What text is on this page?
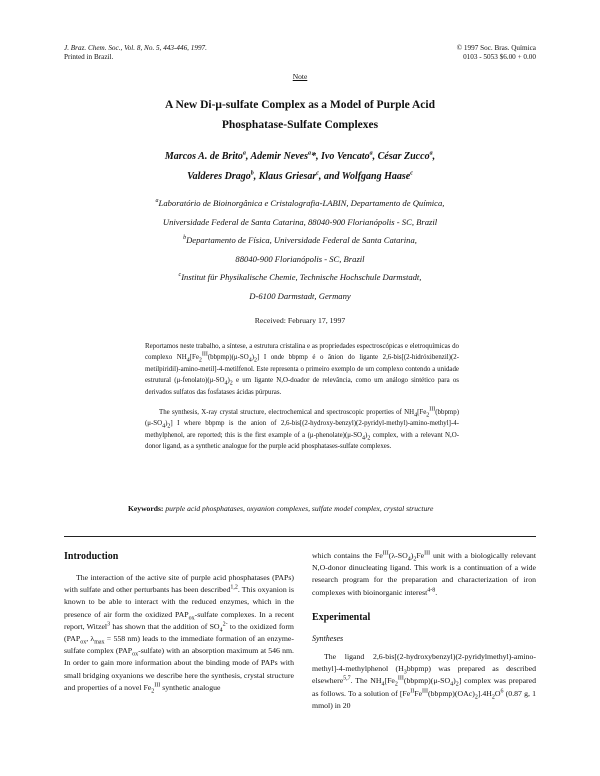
J. Braz. Chem. Soc., Vol. 8, No. 5, 443-446, 1997.
Printed in Brazil.
© 1997 Soc. Bras. Química
0103 - 5053 $6.00 + 0.00
Note
A New Di-μ-sulfate Complex as a Model of Purple Acid
Phosphatase-Sulfate Complexes
Marcos A. de Brito$^a$, Ademir Neves$^a$*, Ivo Vencato$^a$, César Zucco$^a$,
Valderes Drago$^b$, Klaus Griesar$^c$, and Wolfgang Haase$^c$
$^a$Laboratório de Bioinorgânica e Cristalografia-LABIN, Departamento de Química,
Universidade Federal de Santa Catarina, 88040-900 Florianópolis - SC, Brazil
$^b$Departamento de Física, Universidade Federal de Santa Catarina,
88040-900 Florianópolis - SC, Brazil
$^c$Institut für Physikalische Chemie, Technische Hochschule Darmstadt,
D-6100 Darmstadt, Germany
Received: February 17, 1997
Reportamos neste trabalho, a síntese, a estrutura cristalina e as propriedades espectroscópicas e eletroquímicas do complexo $NH_4[Fe_2^{III}(bbpmp)(\mu-SO_4)_2]$ I onde bbpmp é o ânion do ligante 2,6-bis[(2-hidróxibenzil)(2-metilpiridil)-amino-metil]-4-metilfenol. Este representa o primeiro exemplo de um complexo contendo a unidade estrutural $(\mu-fenolato)(\mu-SO_4)_2$ e um ligante N,O-doador de relevância, como um análogo sintético para os derivados sulfatos das fosfatases ácidas púrpuras.
The synthesis, X-ray crystal structure, electrochemical and spectroscopic properties of $NH_4[Fe_2^{III}(bbpmp)(\mu-SO_4)_2]$ I where bbpmp is the anion of 2,6-bis[(2-hydroxy-benzyl)(2-pyridyl-methyl)-amino-methyl]-4-methylphenol, are reported; this is the first example of a $(\mu-phenolate)(\mu-SO_4)_2$ complex, with a relevant N,O-donor ligand, as a synthetic analogue for the purple acid phosphatases-sulfate complexes.
Keywords: purple acid phosphatases, oxyanion complexes, sulfate model complex, crystal structure
Introduction

The interaction of the active site of purple acid phosphatases (PAPs) with sulfate and other perturbants has been described$^{1,2}$. This oxyanion is known to be able to interact with the reduced enzymes, which in the presence of air form the oxidized $PAP_{ox}$-sulfate complexes. In a recent report, Witzel$^3$ has shown that the addition of $SO_4^{2-}$ to the oxidized form ($PAP_{ox}$, $\lambda_{max} = 558$ nm) leads to the immediate formation of an enzyme-sulfate complex $(PAP_{ox}-sulfate)$ with an absorption maximum at 546 nm. In order to gain more information about the binding mode of PAPs with small bridging oxyanions we describe here the synthesis, crystal structure and properties of a novel $Fe_2^{III}$ synthetic analogue

which contains the $Fe^{III}(\lambda-SO_4)_2Fe^{III}$ unit with a biologically relevant N,O-donor dinucleating ligand. This work is a continuation of a wide research program for the preparation and characterization of iron complexes with bioinorganic interest$^{4-8}$.

Experimental
Syntheses

The ligand 2,6-bis[(2-hydroxybenzyl)(2-pyridylmethyl)-amino-methyl]-4-methylphenol $(H_3bbpmp)$ was prepared as described elsewhere$^{5,7}$. The $NH_4[Fe_2^{III}(bbpmp)(\mu-SO_4)_2]$ complex was prepared as follows. To a solution of $[Fe^{II}Fe^{III}(bbpmp)(OAc)_2].4H_2O^6$ (0.87 g, 1 mmol) in 20
